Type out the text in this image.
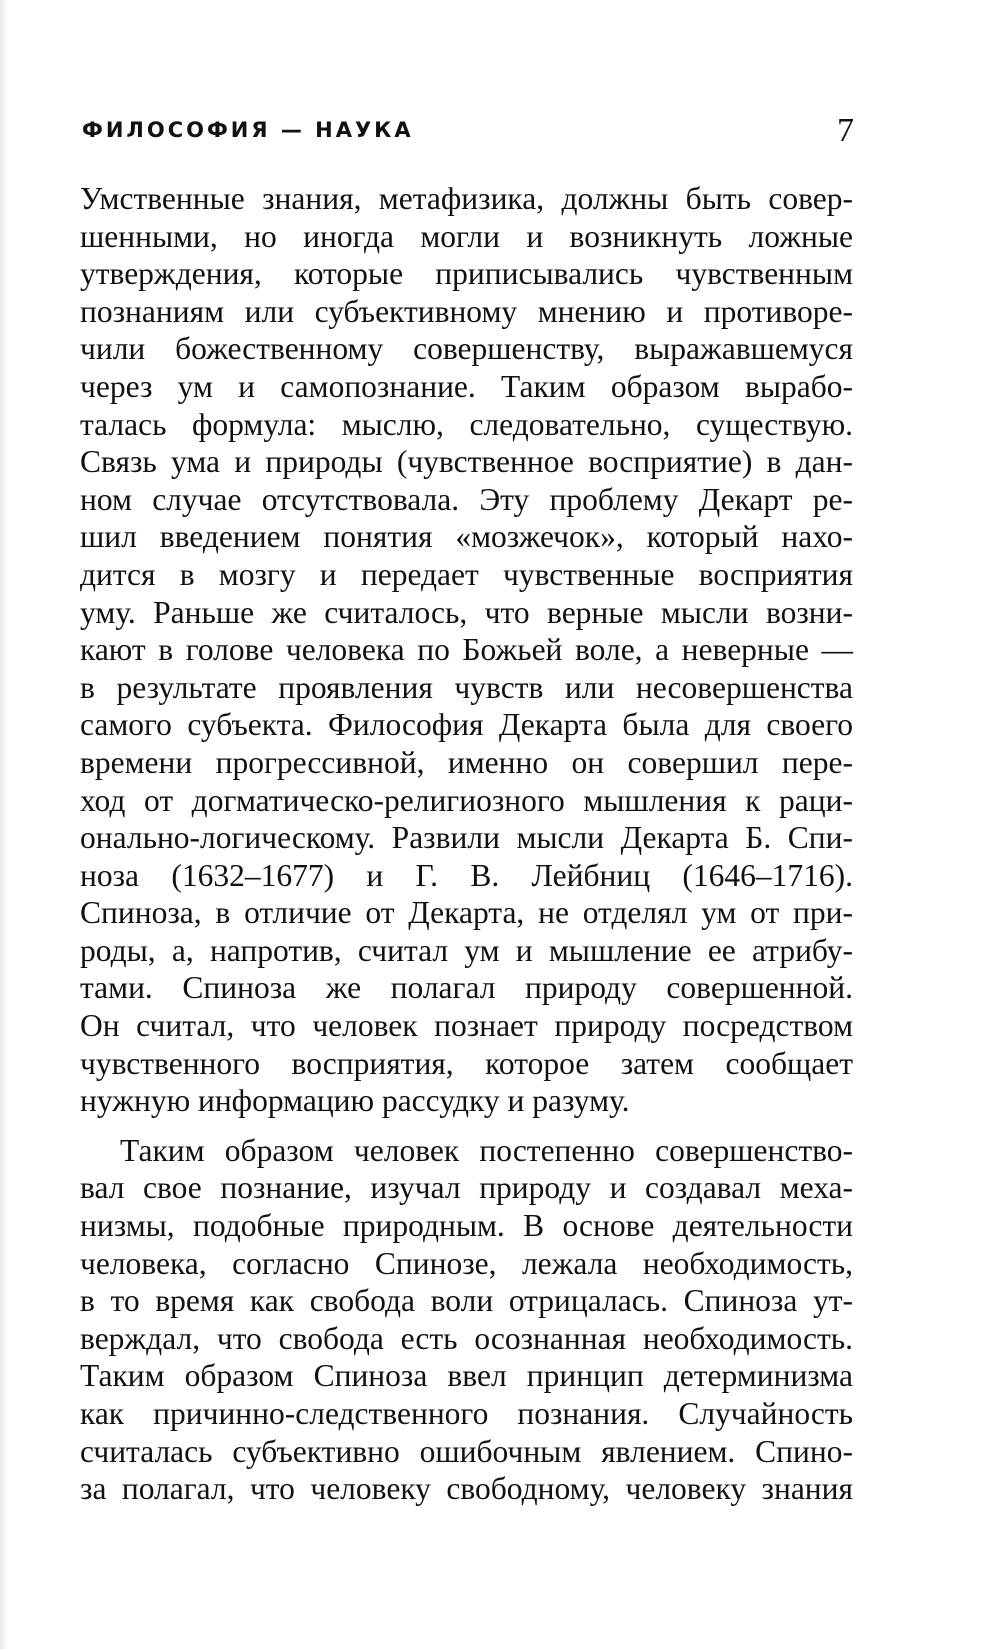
ФИЛОСОФИЯ — НАУКА	7
Умственные знания, метафизика, должны быть совер-
шенными, но иногда могли и возникнуть ложные
утверждения, которые приписывались чувственным
познаниям или субъективному мнению и противоре-
чили божественному совершенству, выражавшемуся
через ум и самопознание. Таким образом вырабо-
талась формула: мыслю, следовательно, существую.
Связь ума и природы (чувственное восприятие) в дан-
ном случае отсутствовала. Эту проблему Декарт ре-
шил введением понятия «мозжечок», который нахо-
дится в мозгу и передает чувственные восприятия
уму. Раньше же считалось, что верные мысли возни-
кают в голове человека по Божьей воле, а неверные —
в результате проявления чувств или несовершенства
самого субъекта. Философия Декарта была для своего
времени прогрессивной, именно он совершил пере-
ход от догматическо-религиозного мышления к раци-
онально-логическому. Развили мысли Декарта Б. Спи-
ноза (1632–1677) и Г. В. Лейбниц (1646–1716).
Спиноза, в отличие от Декарта, не отделял ум от при-
роды, а, напротив, считал ум и мышление ее атрибу-
тами. Спиноза же полагал природу совершенной.
Он считал, что человек познает природу посредством
чувственного восприятия, которое затем сообщает
нужную информацию рассудку и разуму.
Таким образом человек постепенно совершенство-
вал свое познание, изучал природу и создавал меха-
низмы, подобные природным. В основе деятельности
человека, согласно Спинозе, лежала необходимость,
в то время как свобода воли отрицалась. Спиноза ут-
верждал, что свобода есть осознанная необходимость.
Таким образом Спиноза ввел принцип детерминизма
как причинно-следственного познания. Случайность
считалась субъективно ошибочным явлением. Спино-
за полагал, что человеку свободному, человеку знания
